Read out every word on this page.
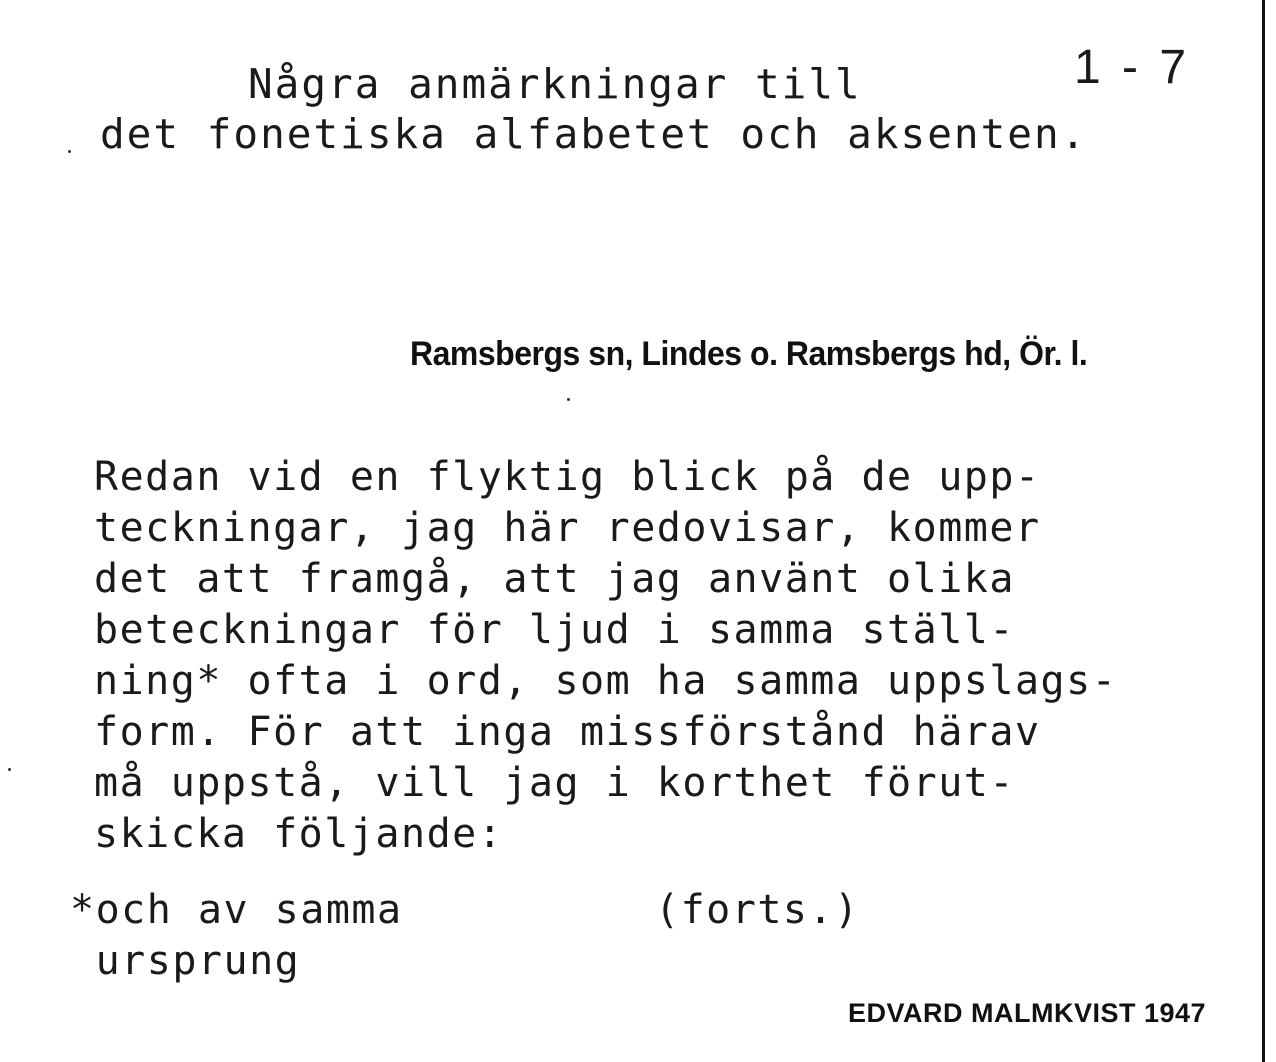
1 - 7
Några anmärkningar till
det fonetiska alfabetet och aksenten.
Ramsbergs sn, Lindes o. Ramsbergs hd, Ör. l.
Redan vid en flyktig blick på de upp-
teckningar, jag här redovisar, kommer
det att framgå, att jag använt olika
beteckningar för ljud i samma ställ-
ning* ofta i ord, som ha samma uppslags-
form. För att inga missförstånd härav
må uppstå, vill jag i korthet förut-
skicka följande:
*och av samma
ursprung
(forts.)
EDVARD MALMKVIST 1947
